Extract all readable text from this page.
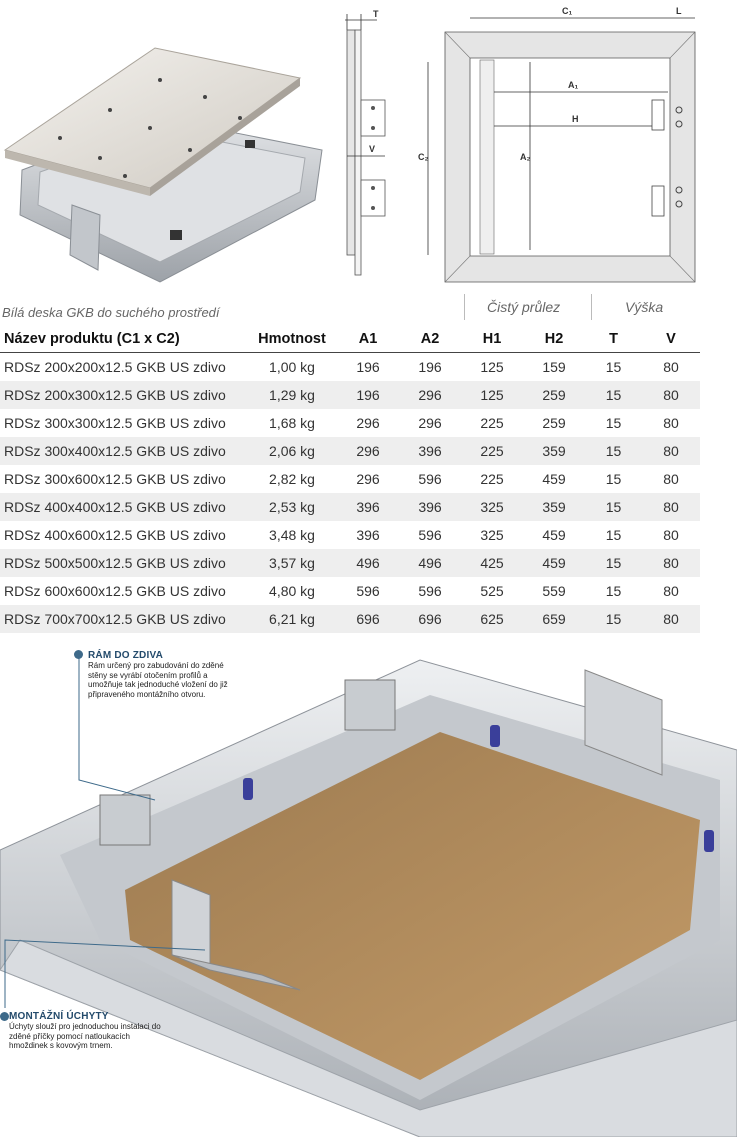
T
V
C₁	L
C₂
A₁
H
A₂
Bílá deska GKB do suchého prostředí	Čistý průlez	Výška
Název produktu (C1 x C2)	Hmotnost	A1	A2	H1	H2	T	V
RDSz 200x200x12.5 GKB US zdivo	1,00 kg	196	196	125	159	15	80
RDSz 200x300x12.5 GKB US zdivo	1,29 kg	196	296	125	259	15	80
RDSz 300x300x12.5 GKB US zdivo	1,68 kg	296	296	225	259	15	80
RDSz 300x400x12.5 GKB US zdivo	2,06 kg	296	396	225	359	15	80
RDSz 300x600x12.5 GKB US zdivo	2,82 kg	296	596	225	459	15	80
RDSz 400x400x12.5 GKB US zdivo	2,53 kg	396	396	325	359	15	80
RDSz 400x600x12.5 GKB US zdivo	3,48 kg	396	596	325	459	15	80
RDSz 500x500x12.5 GKB US zdivo	3,57 kg	496	496	425	459	15	80
RDSz 600x600x12.5 GKB US zdivo	4,80 kg	596	596	525	559	15	80
RDSz 700x700x12.5 GKB US zdivo	6,21 kg	696	696	625	659	15	80
RÁM DO ZDIVA
Rám určený pro zabudování do zděné stěny se vyrábí otočením profilů a umožňuje tak jednoduché vložení do již připraveného montážního otvoru.
MONTÁŽNÍ ÚCHYTY
Úchyty slouží pro jednoduchou instalaci do zděné příčky pomocí natloukacích hmoždinek s kovovým trnem.
